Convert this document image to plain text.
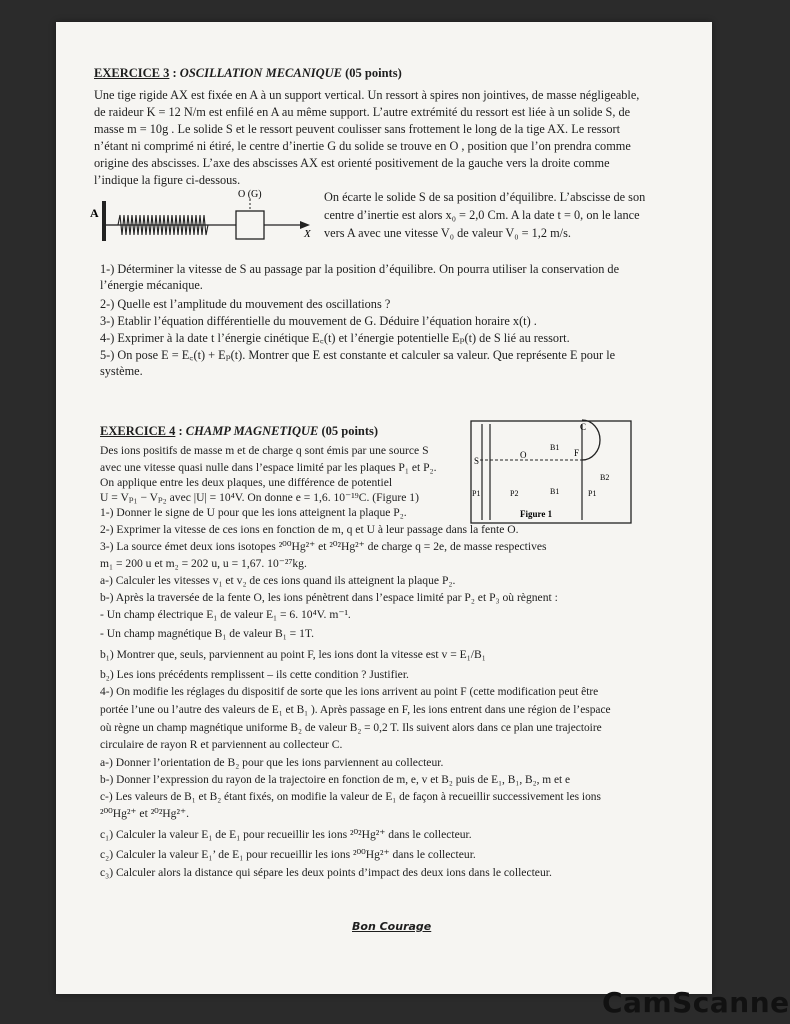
EXERCICE 3 : OSCILLATION MECANIQUE (05 points)
Une tige rigide AX est fixée en A à un support vertical. Un ressort à spires non jointives, de masse négligeable,
de raideur K = 12 N/m est enfilé en A au même support. L’autre extrémité du ressort est liée à un solide S, de
masse m = 10g . Le solide S et le ressort peuvent coulisser sans frottement le long de la tige AX. Le ressort
n’étant ni comprimé ni étiré, le centre d’inertie G du solide se trouve en O , position que l’on prendra comme
origine des abscisses. L’axe des abscisses AX est orienté positivement de la gauche vers la droite comme
l’indique la figure ci-dessous.
A
O (G)
X
On écarte le solide S de sa position d’équilibre. L’abscisse de son
centre d’inertie est alors x₀ = 2,0 Cm. A la date t = 0, on le lance
vers A avec une vitesse V₀ de valeur V₀ = 1,2 m/s.
1-) Déterminer la vitesse de S au passage par la position d’équilibre. On pourra utiliser la conservation de
l’énergie mécanique.
2-) Quelle est l’amplitude du mouvement des oscillations ?
3-) Etablir l’équation différentielle du mouvement de G. Déduire l’équation horaire x(t) .
4-) Exprimer à la date t l’énergie cinétique E꜀(t) et l’énergie potentielle Eₚ(t) de S lié au ressort.
5-) On pose E = E꜀(t) + Eₚ(t). Montrer que E est constante et calculer sa valeur. Que représente E pour le
système.
EXERCICE 4 : CHAMP MAGNETIQUE (05 points)
Des ions positifs de masse m et de charge q sont émis par une source S
avec une vitesse quasi nulle dans l’espace limité par les plaques P₁ et P₂.
On applique entre les deux plaques, une différence de potentiel
U = Vₚ₁ − Vₚ₂ avec |U| = 10⁴V. On donne e = 1,6. 10⁻¹⁹C. (Figure 1)
S
O
C
F
B1
B1
B2
P1	P2	P1
Figure 1
1-) Donner le signe de U pour que les ions atteignent la plaque P₂.
2-) Exprimer la vitesse de ces ions en fonction de m, q et U à leur passage dans la fente O.
3-) La source émet deux ions isotopes ²⁰⁰Hg²⁺ et ²⁰²Hg²⁺ de charge q = 2e, de masse respectives
m₁ = 200 u et m₂ = 202 u, u = 1,67. 10⁻²⁷kg.
a-) Calculer les vitesses v₁ et v₂ de ces ions quand ils atteignent la plaque P₂.
b-) Après la traversée de la fente O, les ions pénètrent dans l’espace limité par P₂ et P₃ où règnent :
- Un champ électrique E₁ de valeur E₁ = 6. 10⁴V. m⁻¹.
- Un champ magnétique B₁ de valeur B₁ = 1T.
b₁) Montrer que, seuls, parviennent au point F, les ions dont la vitesse est v = E₁/B₁
b₂) Les ions précédents remplissent – ils cette condition ? Justifier.
4-) On modifie les réglages du dispositif de sorte que les ions arrivent au point F (cette modification peut être
portée l’une ou l’autre des valeurs de E₁ et B₁ ). Après passage en F, les ions entrent dans une région de l’espace
où règne un champ magnétique uniforme B₂ de valeur B₂ = 0,2 T. Ils suivent alors dans ce plan une trajectoire
circulaire de rayon R et parviennent au collecteur C.
a-) Donner l’orientation de B₂ pour que les ions parviennent au collecteur.
b-) Donner l’expression du rayon de la trajectoire en fonction de m, e, v et B₂ puis de E₁, B₁, B₂, m et e
c-) Les valeurs de B₁ et B₂ étant fixés, on modifie la valeur de E₁ de façon à recueillir successivement les ions
²⁰⁰Hg²⁺ et ²⁰²Hg²⁺.
c₁) Calculer la valeur E₁ de E₁ pour recueillir les ions ²⁰²Hg²⁺ dans le collecteur.
c₂) Calculer la valeur E₁’ de E₁ pour recueillir les ions ²⁰⁰Hg²⁺ dans le collecteur.
c₃) Calculer alors la distance qui sépare les deux points d’impact des deux ions dans le collecteur.
Bon Courage
CamScanne
